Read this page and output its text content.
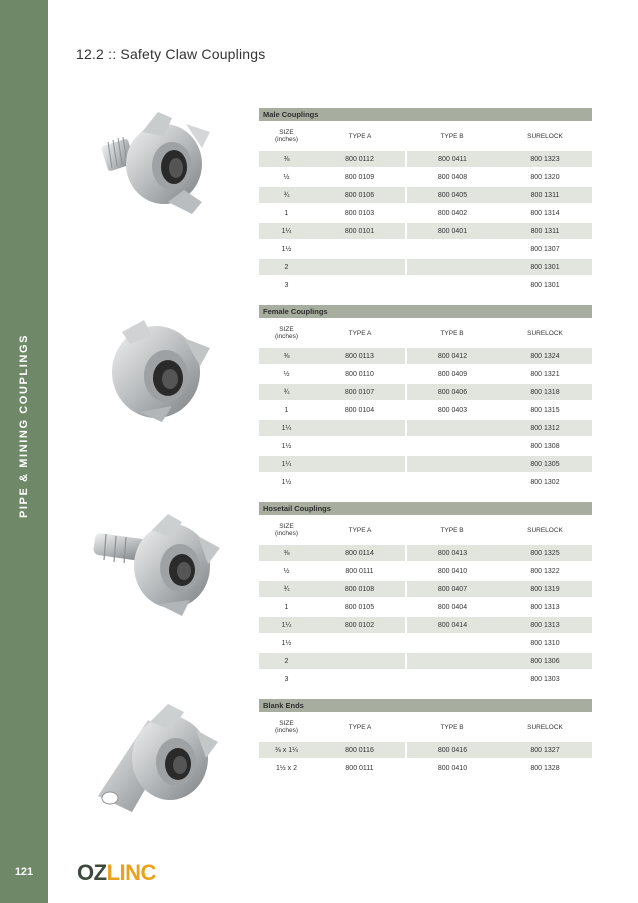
PIPE & MINING COUPLINGS
121
12.2 :: Safety Claw Couplings
Male Couplings
SIZE
(inches)	TYPE A	TYPE B	SURELOCK
⅜	800 0112	800 0411	800 1323
½	800 0109	800 0408	800 1320
¾	800 0106	800 0405	800 1311
1	800 0103	800 0402	800 1314
1¼	800 0101	800 0401	800 1311
1½			800 1307
2			800 1301
3			800 1301
Female Couplings
SIZE
(inches)	TYPE A	TYPE B	SURELOCK
⅜	800 0113	800 0412	800 1324
½	800 0110	800 0409	800 1321
¾	800 0107	800 0406	800 1318
1	800 0104	800 0403	800 1315
1¼			800 1312
1½			800 1308
1¼			800 1305
1½			800 1302
Hosetail Couplings
SIZE
(inches)	TYPE A	TYPE B	SURELOCK
⅜	800 0114	800 0413	800 1325
½	800 0111	800 0410	800 1322
¾	800 0108	800 0407	800 1319
1	800 0105	800 0404	800 1313
1¼	800 0102	800 0414	800 1313
1½			800 1310
2			800 1306
3			800 1303
Blank Ends
SIZE
(inches)	TYPE A	TYPE B	SURELOCK
⅜ x 1¼	800 0116	800 0416	800 1327
1½ x 2	800 0111	800 0410	800 1328
OZLINC
